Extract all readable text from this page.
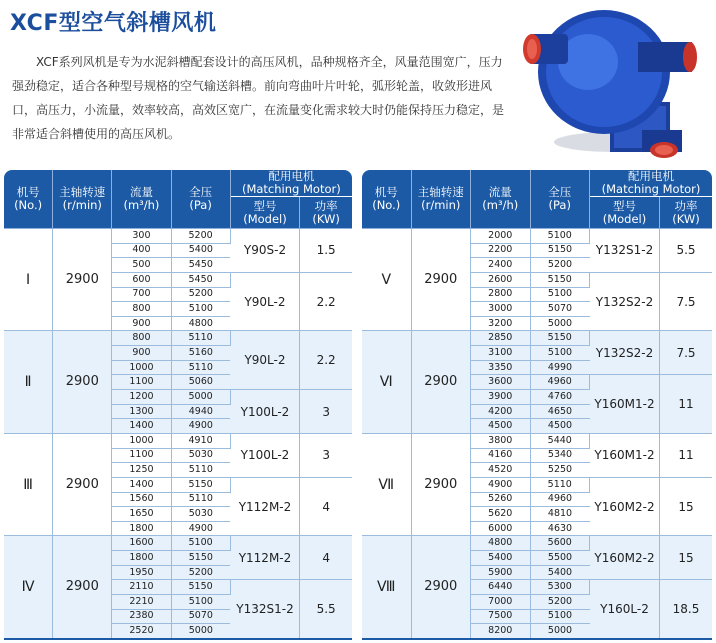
XCF型空气斜槽风机

XCF系列风机是专为水泥斜槽配套设计的高压风机，品种规格齐全，风量范围宽广，压力强劲稳定，适合各种型号规格的空气输送斜槽。前向弯曲叶片叶轮，弧形轮盖，收敛形进风口，高压力，小流量，效率较高，高效区宽广，在流量变化需求较大时仍能保持压力稳定，是非常适合斜槽使用的高压风机。

机号
(No.)	主轴转速
(r/min)	流量
(m³/h)	全压
(Pa)	配用电机
(Matching Motor)	

				型号
(Model)	功率
(KW)

Ⅰ	2900	300	5200	Y90S-2	1.5
		400	5400		
		500	5450		
		600	5450	Y90L-2	2.2
		700	5200		
		800	5100		
		900	4800		
Ⅱ	2900	800	5110	Y90L-2	2.2
		900	5160		
		1000	5110		
		1100	5060		
		1200	5000	Y100L-2	3
		1300	4940		
		1400	4900		
Ⅲ	2900	1000	4910	Y100L-2	3
		1100	5030		
		1250	5110		
		1400	5150	Y112M-2	4
		1560	5110		
		1650	5030		
		1800	4900		
Ⅳ	2900	1600	5100	Y112M-2	4
		1800	5150		
		1950	5200		
		2110	5150	Y132S1-2	5.5
		2210	5100		
		2380	5070		
		2520	5000		
机号
(No.)	主轴转速
(r/min)	流量
(m³/h)	全压
(Pa)	配用电机
(Matching Motor)	

				型号
(Model)	功率
(KW)

Ⅴ	2900	2000	5100	Y132S1-2	5.5
		2200	5150		
		2400	5200		
		2600	5150	Y132S2-2	7.5
		2800	5100		
		3000	5070		
		3200	5000		
Ⅵ	2900	2850	5150	Y132S2-2	7.5
		3100	5100		
		3350	4990		
		3600	4960	Y160M1-2	11
		3900	4760		
		4200	4650		
		4500	4500		
Ⅶ	2900	3800	5440	Y160M1-2	11
		4160	5340		
		4520	5250		
		4900	5110	Y160M2-2	15
		5260	4960		
		5620	4810		
		6000	4630		
Ⅷ	2900	4800	5600	Y160M2-2	15
		5400	5500		
		5900	5400		
		6440	5300	Y160L-2	18.5
		7000	5200		
		7500	5100		
		8200	5000		
